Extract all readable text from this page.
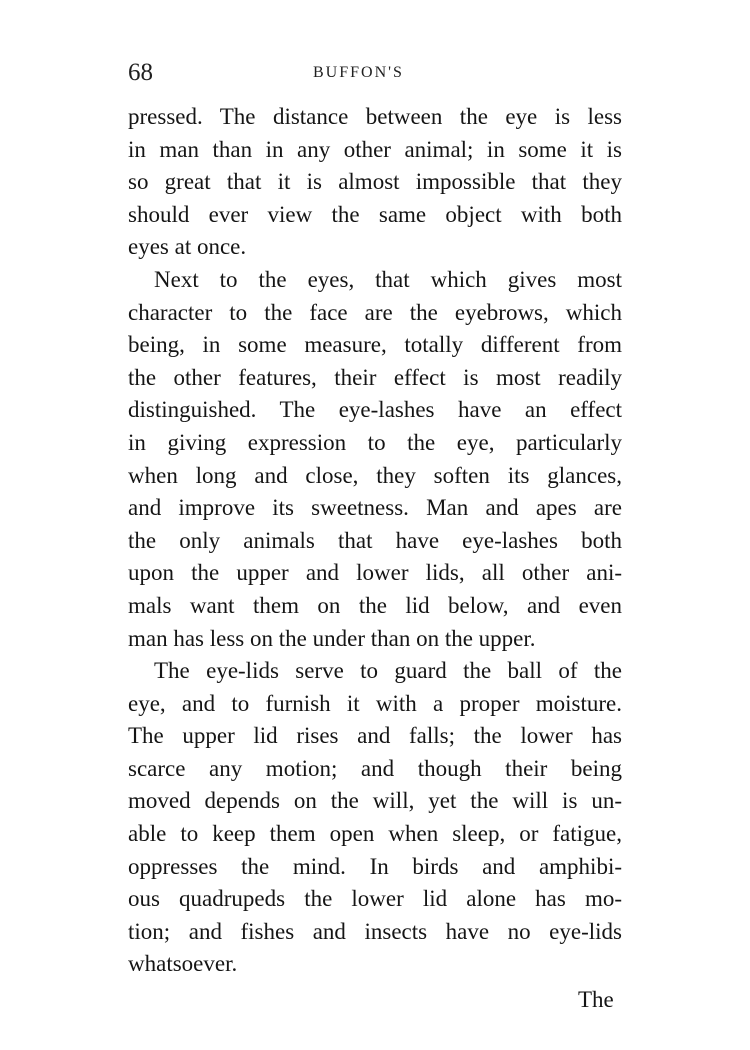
68	BUFFON'S
pressed. The distance between the eye is less
in man than in any other animal; in some it is
so great that it is almost impossible that they
should ever view the same object with both
eyes at once.
Next to the eyes, that which gives most
character to the face are the eyebrows, which
being, in some measure, totally different from
the other features, their effect is most readily
distinguished. The eye-lashes have an effect
in giving expression to the eye, particularly
when long and close, they soften its glances,
and improve its sweetness. Man and apes are
the only animals that have eye-lashes both
upon the upper and lower lids, all other ani-
mals want them on the lid below, and even
man has less on the under than on the upper.
The eye-lids serve to guard the ball of the
eye, and to furnish it with a proper moisture.
The upper lid rises and falls; the lower has
scarce any motion; and though their being
moved depends on the will, yet the will is un-
able to keep them open when sleep, or fatigue,
oppresses the mind. In birds and amphibi-
ous quadrupeds the lower lid alone has mo-
tion; and fishes and insects have no eye-lids
whatsoever.
The
